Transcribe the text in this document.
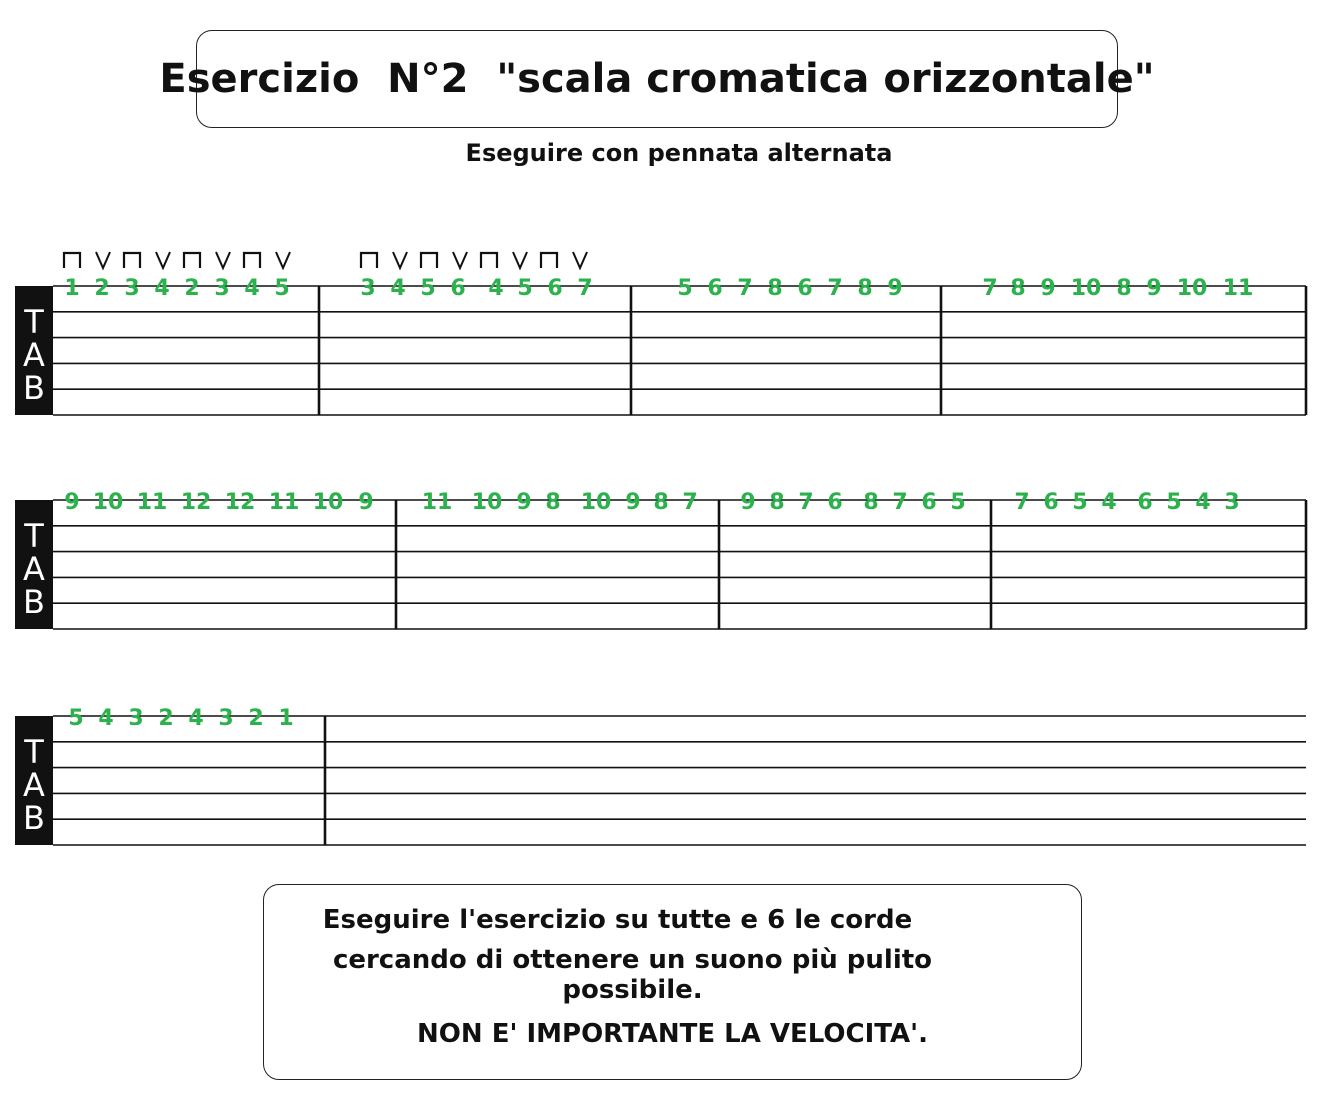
Esercizio  N°2  "scala cromatica orizzontale"
Eseguire con pennata alternata
T
A
B
1 2 3 4 2 3 4 5	3 4 5 6 4 5 6 7	5 6 7 8 6 7 8 9	7 8 9 10 8 9 10 11
T
A
B
9 10 11 12 12 11 10 9 11 10 9 8 10 9 8 7 9 8 7 6 8 7 6 5 7 6 5 4 6 5 4 3
T
A
B
5 4 3 2 4 3 2 1
Eseguire l'esercizio su tutte e 6 le corde
cercando di ottenere un suono più pulito possibile.
NON E' IMPORTANTE LA VELOCITA'.
